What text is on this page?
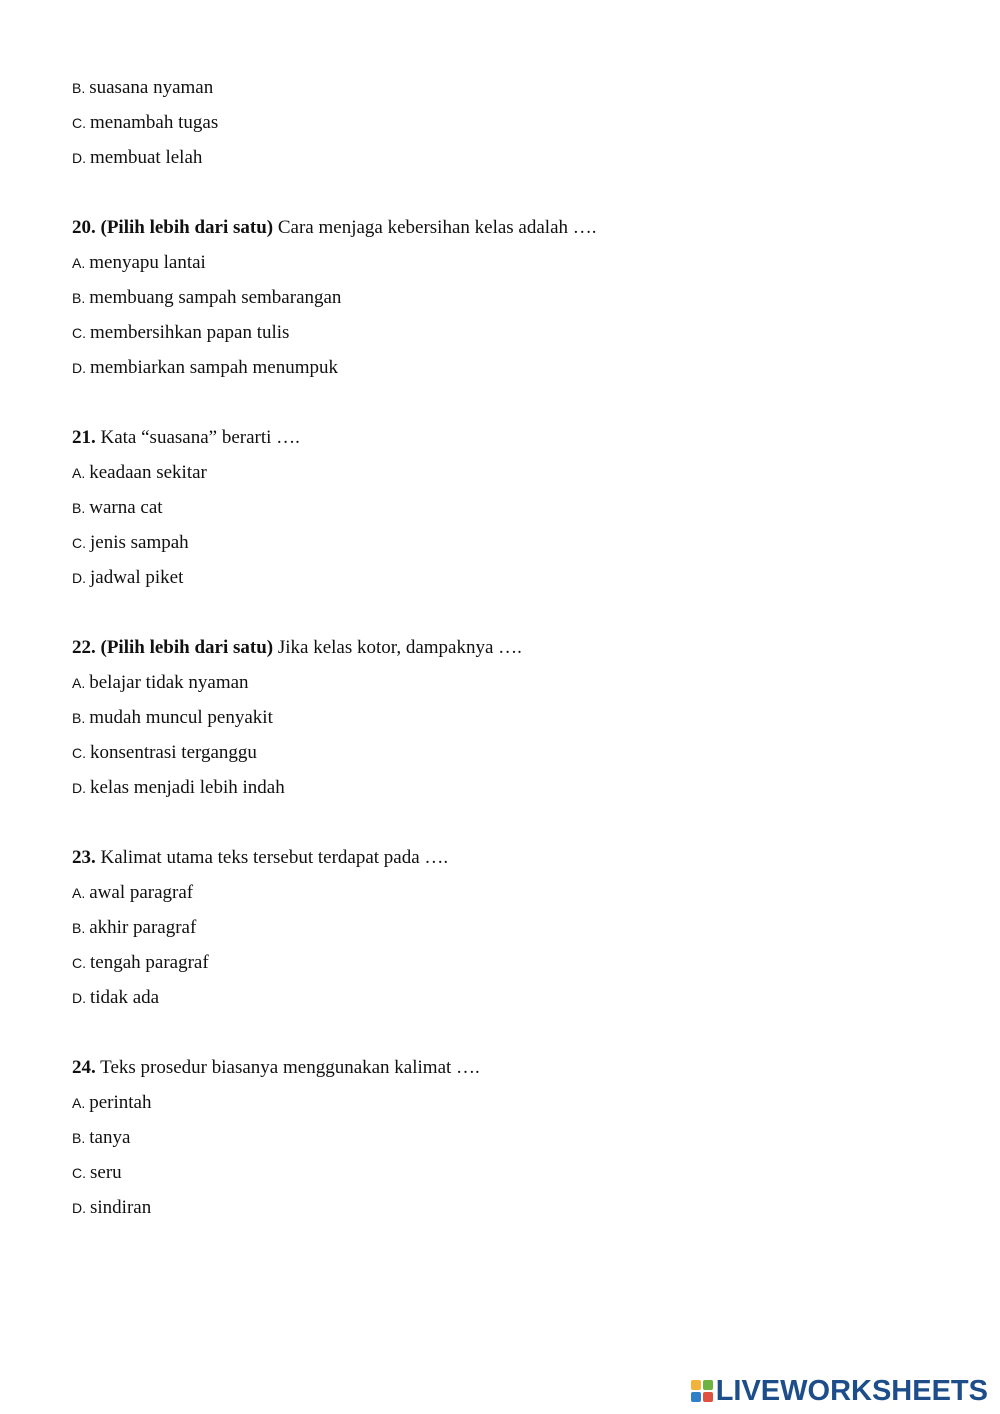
B. suasana nyaman
C. menambah tugas
D. membuat lelah
20. (Pilih lebih dari satu) Cara menjaga kebersihan kelas adalah ….
A. menyapu lantai
B. membuang sampah sembarangan
C. membersihkan papan tulis
D. membiarkan sampah menumpuk
21. Kata “suasana” berarti ….
A. keadaan sekitar
B. warna cat
C. jenis sampah
D. jadwal piket
22. (Pilih lebih dari satu) Jika kelas kotor, dampaknya ….
A. belajar tidak nyaman
B. mudah muncul penyakit
C. konsentrasi terganggu
D. kelas menjadi lebih indah
23. Kalimat utama teks tersebut terdapat pada ….
A. awal paragraf
B. akhir paragraf
C. tengah paragraf
D. tidak ada
24. Teks prosedur biasanya menggunakan kalimat ….
A. perintah
B. tanya
C. seru
D. sindiran
LIVEWORKSHEETS
